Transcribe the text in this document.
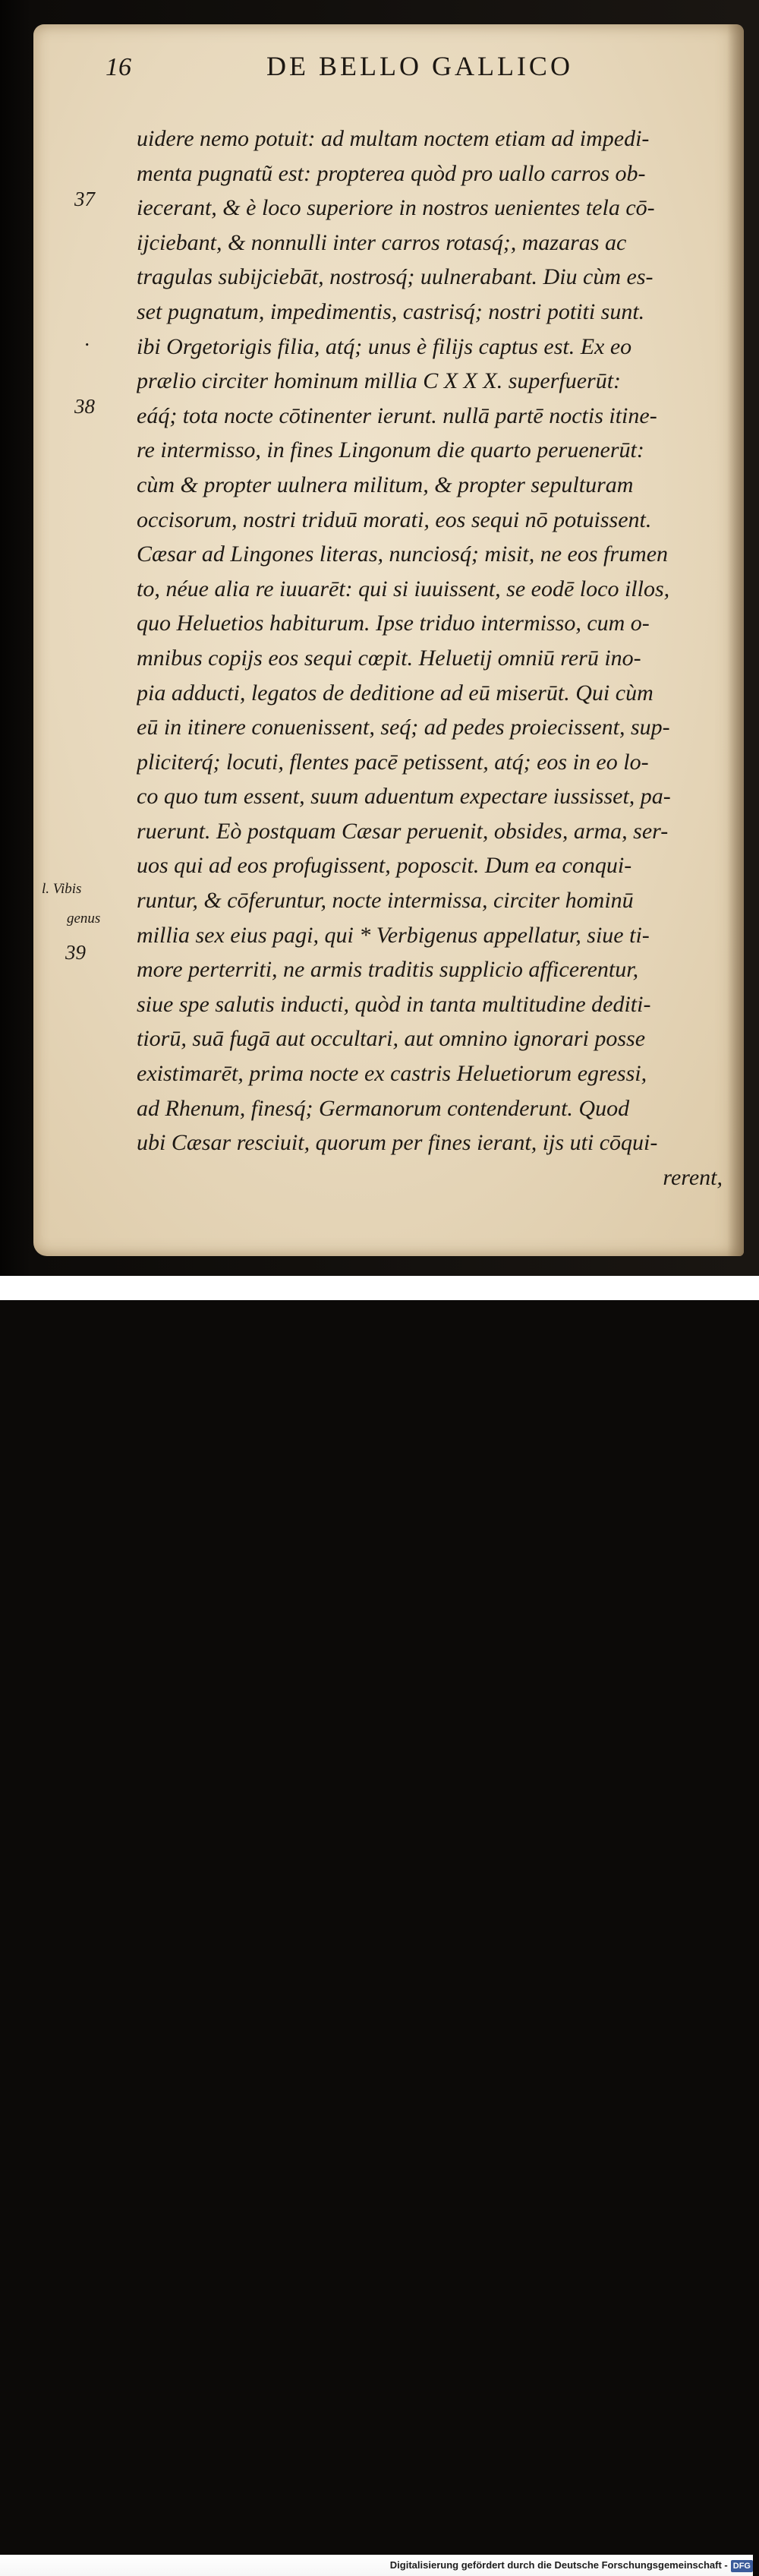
16	DE BELLO GALLICO
uidere nemo potuit: ad multam noctem etiam ad impedi-
menta pugnatũ est: propterea quòd pro uallo carros ob-
iecerant, & è loco superiore in nostros uenientes tela cō-
ijciebant, & nonnulli inter carros rotasq́;, mazaras ac
tragulas subijciebāt, nostrosq́; uulnerabant. Diu cùm es-
set pugnatum, impedimentis, castrisq́; nostri potiti sunt.
ibi Orgetorigis filia, atq́; unus è filijs captus est. Ex eo
prælio circiter hominum millia C X X X. superfuerūt:
eáq́; tota nocte cōtinenter ierunt. nullā partē noctis itine-
re intermisso, in fines Lingonum die quarto peruenerūt:
cùm & propter uulnera militum, & propter sepulturam
occisorum, nostri triduū morati, eos sequi nō potuissent.
Cæsar ad Lingones literas, nunciosq́; misit, ne eos frumen
to, néue alia re iuuarēt: qui si iuuissent, se eodē loco illos,
quo Heluetios habiturum. Ipse triduo intermisso, cum o-
mnibus copijs eos sequi cœpit. Heluetij omniū rerū ino-
pia adducti, legatos de deditione ad eū miserūt. Qui cùm
eū in itinere conuenissent, seq́; ad pedes proiecissent, sup-
pliciterq́; locuti, flentes pacē petissent, atq́; eos in eo lo-
co quo tum essent, suum aduentum expectare iussisset, pa-
ruerunt. Eò postquam Cæsar peruenit, obsides, arma, ser-
uos qui ad eos profugissent, poposcit. Dum ea conqui-
runtur, & cōferuntur, nocte intermissa, circiter hominū
millia sex eius pagi, qui * Verbigenus appellatur, siue ti-
more perterriti, ne armis traditis supplicio afficerentur,
siue spe salutis inducti, quòd in tanta multitudine dediti-
tiorū, suā fugā aut occultari, aut omnino ignorari posse
existimarēt, prima nocte ex castris Heluetiorum egressi,
ad Rhenum, finesq́; Germanorum contenderunt. Quod
ubi Cæsar resciuit, quorum per fines ierant, ijs uti cōqui-
rerent,
37
.
38
l. Vibis
genus
39
Digitalisierung gefördert durch die Deutsche Forschungsgemeinschaft - DFG
